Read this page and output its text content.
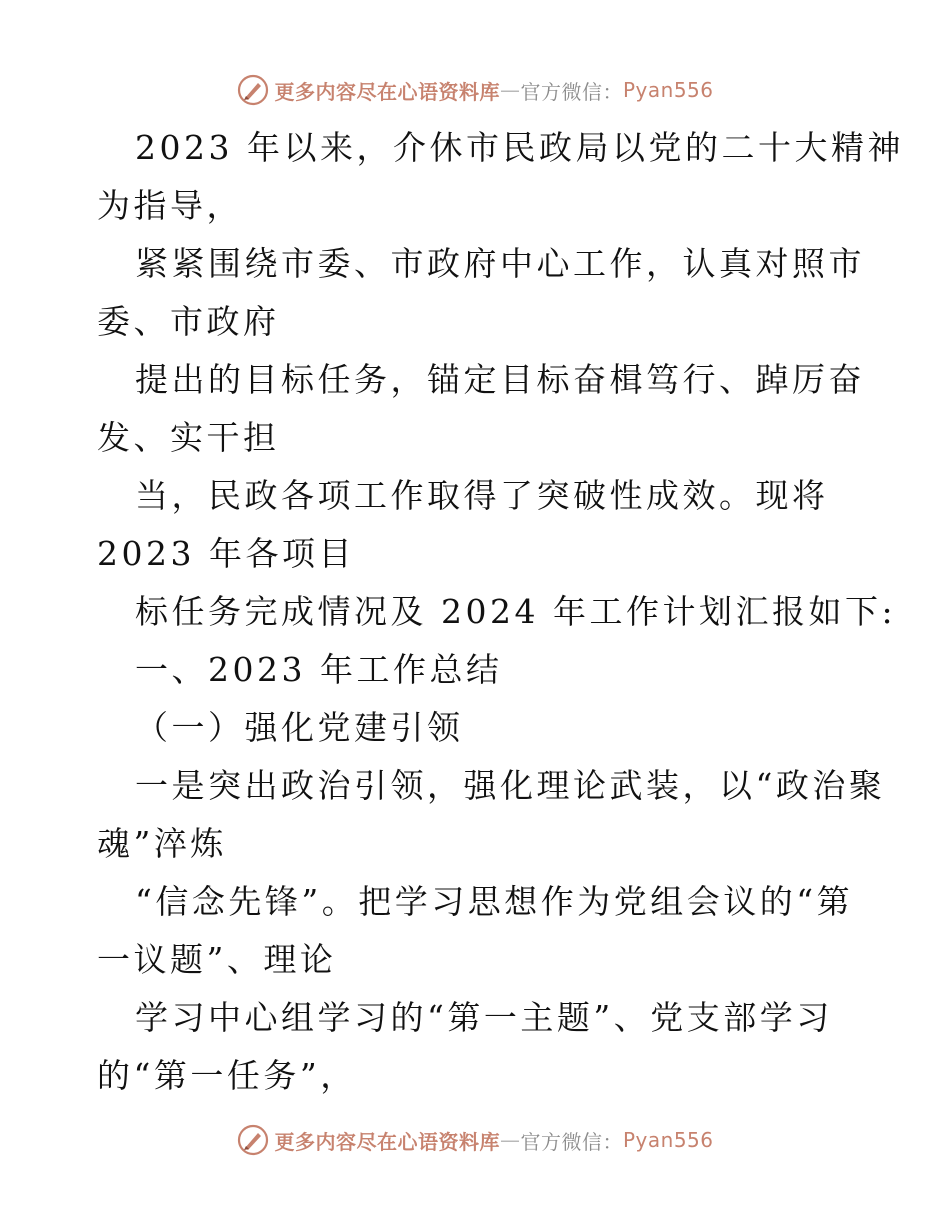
更多内容尽在心语资料库 — 官方微信： Pyan556
2023 年以来，介休市民政局以党的二十大精神
为指导，
紧紧围绕市委、市政府中心工作，认真对照市
委、市政府
提出的目标任务，锚定目标奋楫笃行、踔厉奋
发、实干担
当，民政各项工作取得了突破性成效。现将
2023 年各项目
标任务完成情况及 2024 年工作计划汇报如下:
一、2023 年工作总结
（一）强化党建引领
一是突出政治引领，强化理论武装，以“政治聚
魂”淬炼
“信念先锋”。把学习思想作为党组会议的“第
一议题”、理论
学习中心组学习的“第一主题”、党支部学习
的“第一任务”，
更多内容尽在心语资料库 — 官方微信： Pyan556
